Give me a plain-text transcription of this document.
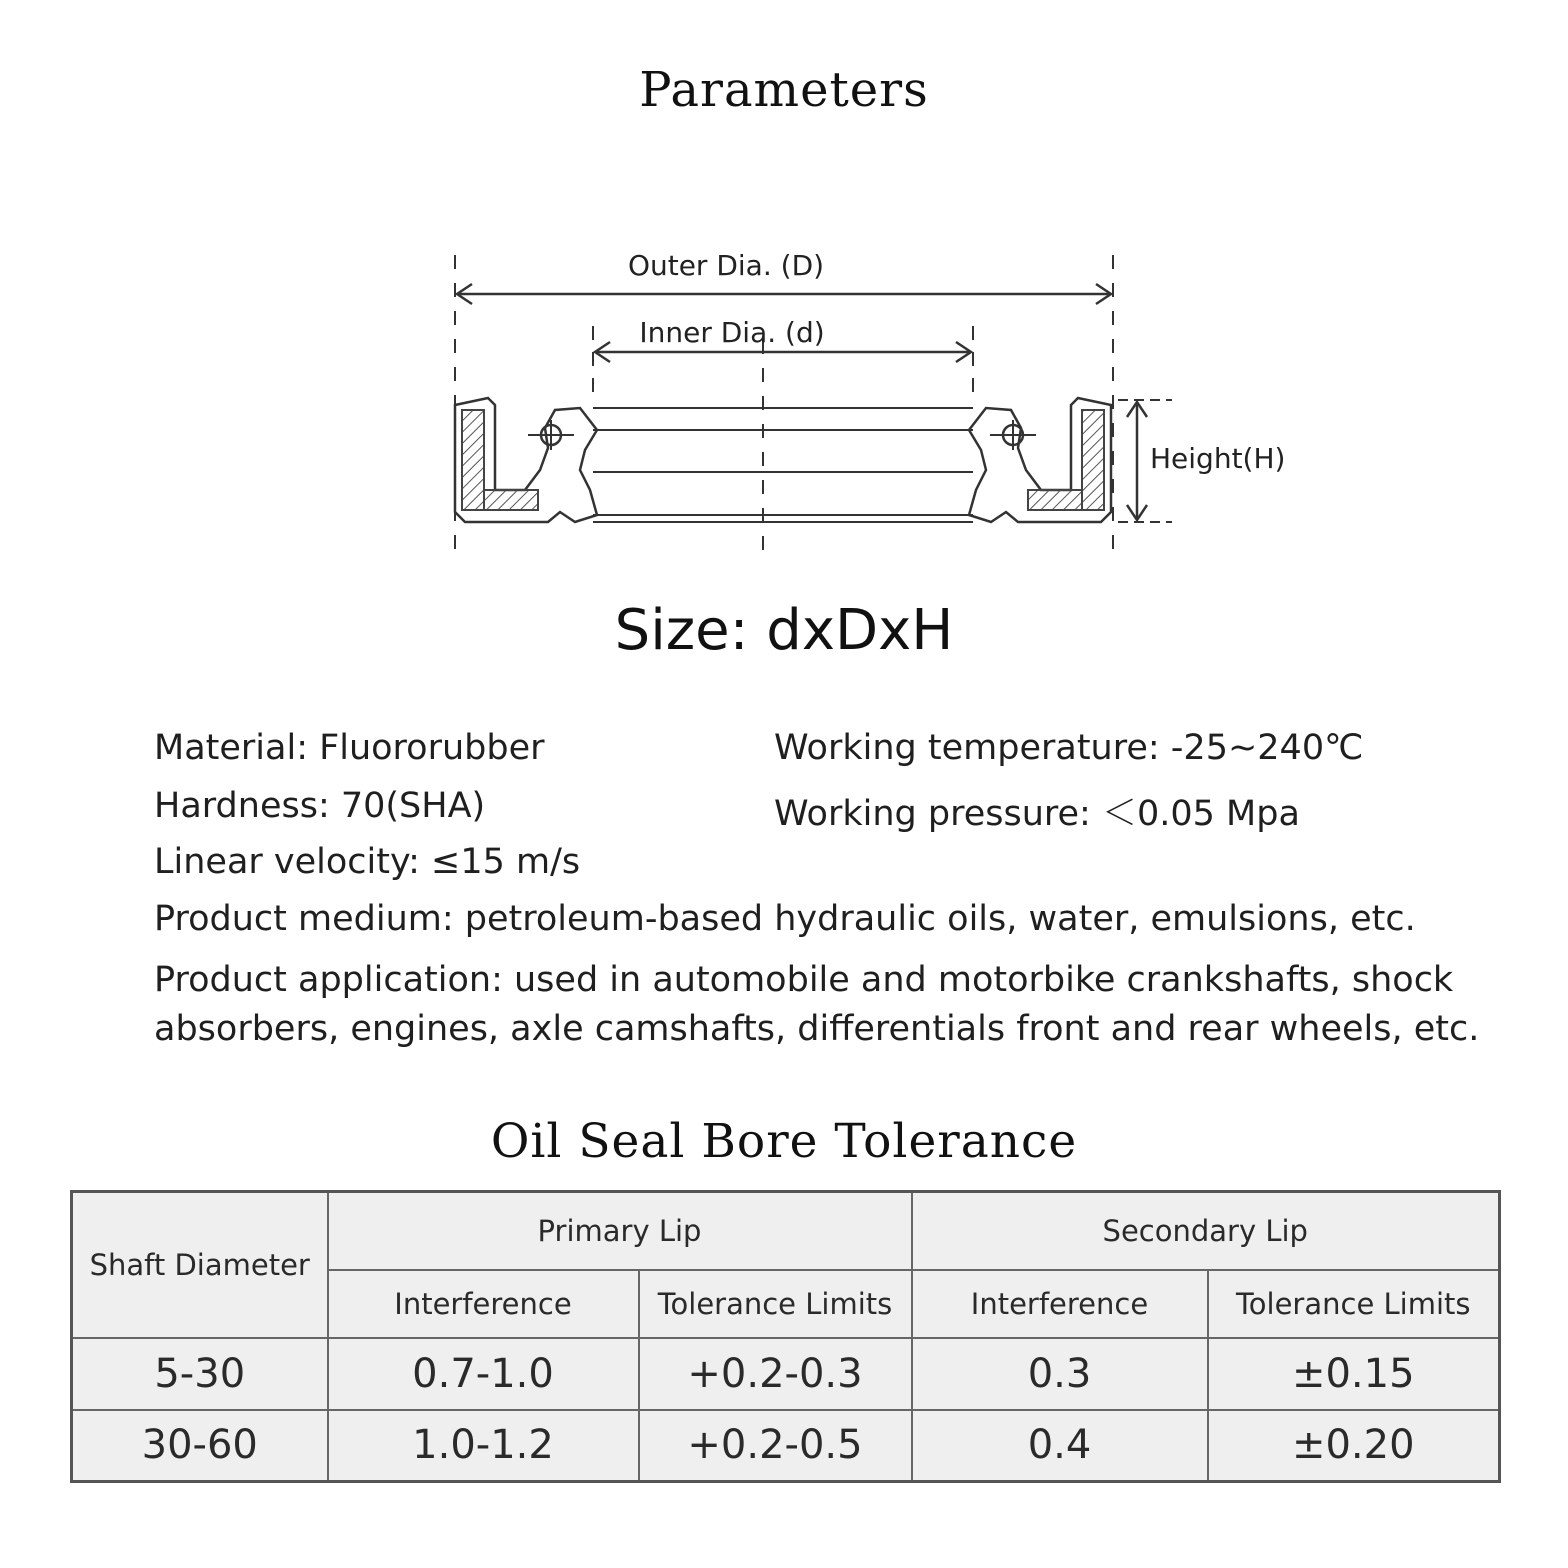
Parameters
Outer Dia. (D)
Inner Dia. (d)
Height(H)
Size: dxDxH
Material: Fluororubber	Working temperature: -25~240℃
Hardness: 70(SHA)	Working pressure: ＜0.05 Mpa
Linear velocity: ≤15 m/s
Product medium: petroleum-based hydraulic oils, water, emulsions, etc.
Product application: used in automobile and motorbike crankshafts, shock absorbers, engines, axle camshafts, differentials front and rear wheels, etc.
Oil Seal Bore Tolerance
Shaft Diameter	Primary Lip		Secondary Lip	
	Interference	Tolerance Limits	Interference	Tolerance Limits
5-30	0.7-1.0	+0.2-0.3	0.3	±0.15
30-60	1.0-1.2	+0.2-0.5	0.4	±0.20
